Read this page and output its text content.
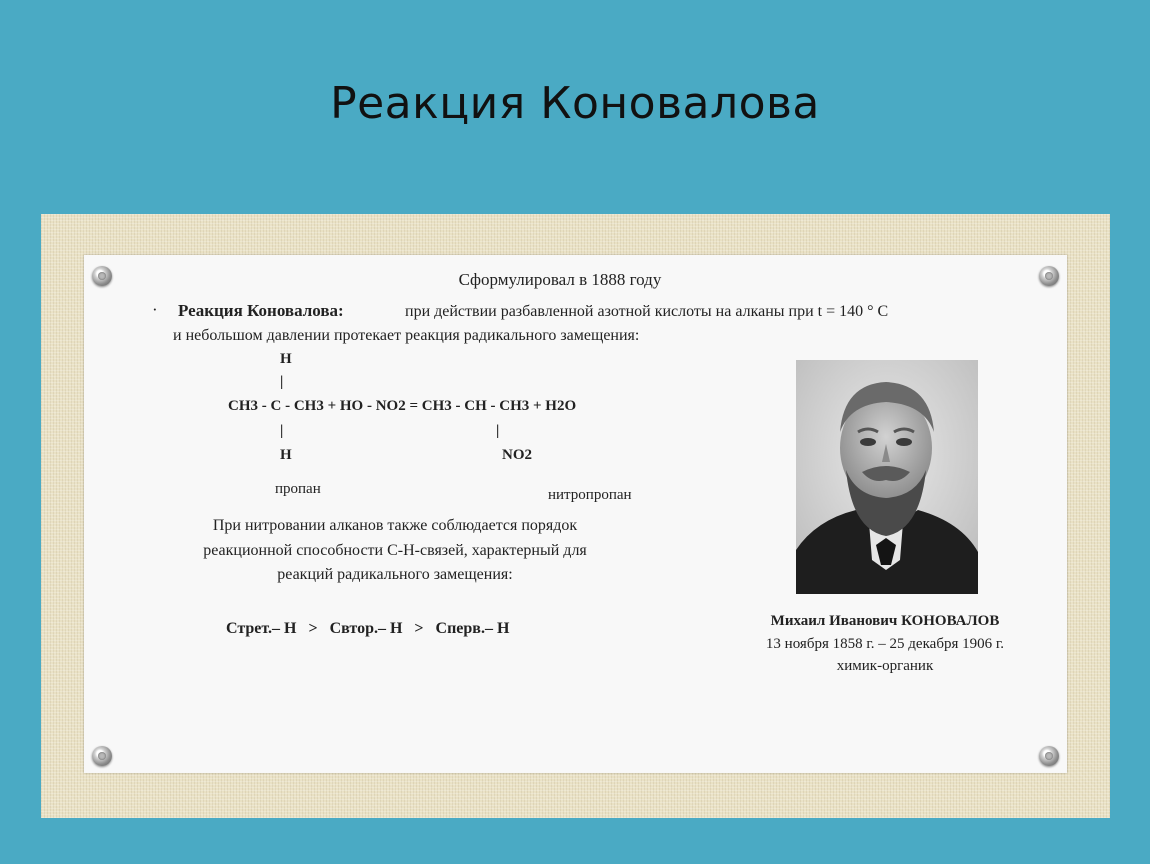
Реакция Коновалова
Сформулировал в 1888 году
· Реакция Коновалова:	при действии разбавленной азотной кислоты на алканы при t = 140 ° С
и небольшом давлении протекает реакция радикального замещения:
H
|
CH3 - C - CH3 + HO - NO2 = CH3 - CH - CH3 + H2O
|	|
H	NO2
пропан	нитропропан
При нитровании алканов также соблюдается порядок
реакционной способности С-Н-связей, характерный для
реакций радикального замещения:
Стрет.– Н   >   Свтор.– Н   >   Сперв.– Н	Михаил Иванович КОНОВАЛОВ
13 ноября 1858 г. – 25 декабря 1906 г.
химик-органик
